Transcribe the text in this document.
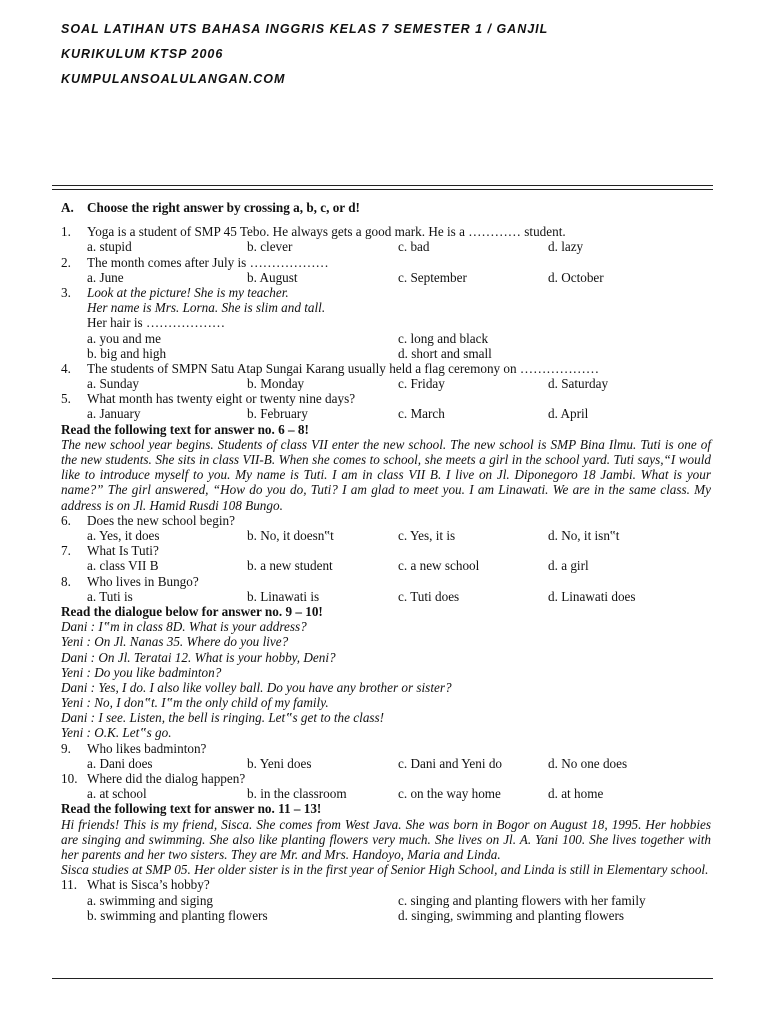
SOAL LATIHAN UTS BAHASA INGGRIS KELAS 7 SEMESTER 1 / GANJIL
KURIKULUM KTSP 2006
KUMPULANSOALULANGAN.COM
A. Choose the right answer by crossing a, b, c, or d!
1. Yoga is a student of SMP 45 Tebo. He always gets a good mark. He is a ………… student.
a. stupid	b. clever	c. bad	d. lazy
2. The month comes after July is ………………
a. June	b. August	c. September	d. October
3. Look at the picture! She is my teacher.
Her name is Mrs. Lorna. She is slim and tall.
Her hair is ………………
a. you and me	c. long and black
b. big and high	d. short and small
4. The students of SMPN Satu Atap Sungai Karang usually held a flag ceremony on ………………
a. Sunday	b. Monday	c. Friday	d. Saturday
5. What month has twenty eight or twenty nine days?
a. January	b. February	c. March	d. April
Read the following text for answer no. 6 – 8!
The new school year begins. Students of class VII enter the new school. The new school is SMP Bina Ilmu. Tuti is one of the new students. She sits in class VII-B. When she comes to school, she meets a girl in the school yard. Tuti says,“I would like to introduce myself to you. My name is Tuti. I am in class VII B. I live on Jl. Diponegoro 18 Jambi. What is your name?” The girl answered, “How do you do, Tuti? I am glad to meet you. I am Linawati. We are in the same class. My address is on Jl. Hamid Rusdi 108 Bungo.
6. Does the new school begin?
a. Yes, it does	b. No, it doesn‟t	c. Yes, it is	d. No, it isn‟t
7. What Is Tuti?
a. class VII B	b. a new student	c. a new school	d. a girl
8. Who lives in Bungo?
a. Tuti is	b. Linawati is	c. Tuti does	d. Linawati does
Read the dialogue below for answer no. 9 – 10!
Dani : I‟m in class 8D. What is your address?
Yeni : On Jl. Nanas 35. Where do you live?
Dani : On Jl. Teratai 12. What is your hobby, Deni?
Yeni : Do you like badminton?
Dani : Yes, I do. I also like volley ball. Do you have any brother or sister?
Yeni : No, I don‟t. I‟m the only child of my family.
Dani : I see. Listen, the bell is ringing. Let‟s get to the class!
Yeni : O.K. Let‟s go.
9. Who likes badminton?
a. Dani does	b. Yeni does	c. Dani and Yeni do	d. No one does
10. Where did the dialog happen?
a. at school	b. in the classroom	c. on the way home	d. at home
Read the following text for answer no. 11 – 13!
Hi friends! This is my friend, Sisca. She comes from West Java. She was born in Bogor on August 18, 1995. Her hobbies are singing and swimming. She also like planting flowers very much. She lives on Jl. A. Yani 100. She lives together with her parents and her two sisters. They are Mr. and Mrs. Handoyo, Maria and Linda.
Sisca studies at SMP 05. Her older sister is in the first year of Senior High School, and Linda is still in Elementary school.
11. What is Sisca’s hobby?
a. swimming and siging	c. singing and planting flowers with her family
b. swimming and planting flowers	d. singing, swimming and planting flowers
